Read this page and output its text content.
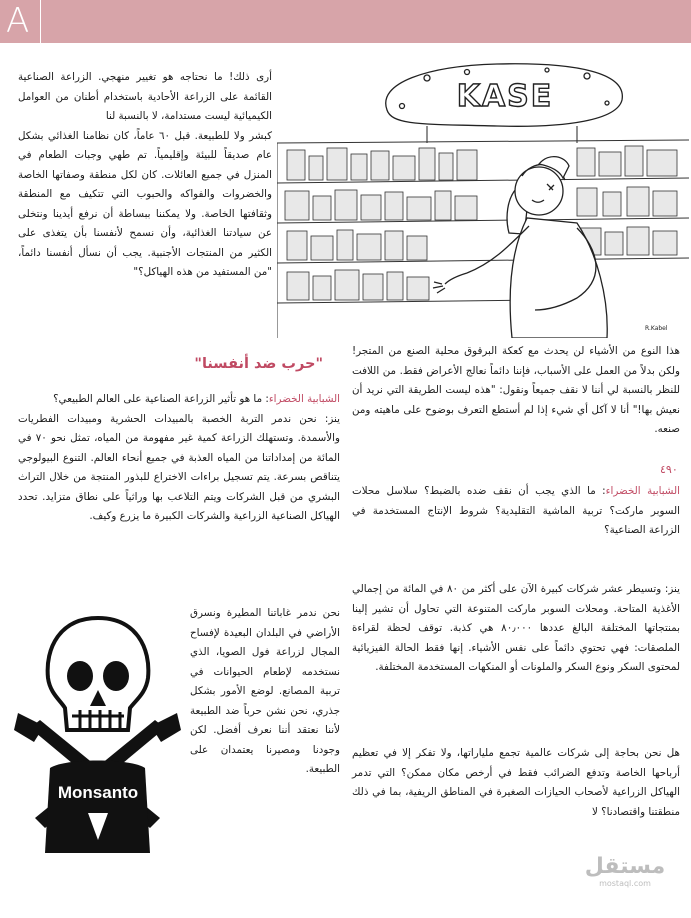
A
KASE
R.Kabel

أرى ذلك! ما نحتاجه هو تغيير منهجي. الزراعة الصناعية القائمة على الزراعة الأحادية باستخدام أطنان من العوامل الكيميائية ليست مستدامة، لا بالنسبة لنا

كبشر ولا للطبيعة. قبل ٦٠ عاماً، كان نظامنا الغذائي بشكل عام صديقاً للبيئة وإقليمياً. تم طهي وجبات الطعام في المنزل في جميع العائلات. كان لكل منطقة وصفاتها الخاصة والخضروات والفواكه والحبوب التي تتكيف مع المنطقة وثقافتها الخاصة. ولا يمكننا ببساطة أن نرفع أيدينا ونتخلى عن سيادتنا الغذائية، وأن نسمح لأنفسنا بأن يتغذى على الكثير من المنتجات الأجنبية. يجب أن نسأل أنفسنا دائماً، "من المستفيد من هذه الهياكل؟"

"حرب ضد أنفسنا"

الشبابية الخضراء: ما هو تأثير الزراعة الصناعية على العالم الطبيعي؟

ينز: نحن ندمر التربة الخصبة بالمبيدات الحشرية ومبيدات الفطريات والأسمدة. وتستهلك الزراعة كمية غير مفهومة من المياه، تمثل نحو ٧٠ في المائة من إمداداتنا من المياه العذبة في جميع أنحاء العالم. التنوع البيولوجي يتناقص بسرعة. يتم تسجيل براءات الاختراع للبذور المنتجة من خلال التراث البشري من قبل الشركات ويتم التلاعب بها وراثياً على نطاق متزايد. تحدد الهياكل الصناعية الزراعية والشركات الكبيرة ما يزرع وكيف.

نحن ندمر غاباتنا المطيرة ونسرق الأراضي في البلدان البعيدة لإفساح المجال لزراعة فول الصويا، الذي نستخدمه لإطعام الحيوانات في تربية المصانع. لوضع الأمور بشكل جذري، نحن نشن حرباً ضد الطبيعة لأننا نعتقد أننا نعرف أفضل. لكن وجودنا ومصيرنا يعتمدان على الطبيعة.

Monsanto

هذا النوع من الأشياء لن يحدث مع كعكة البرقوق محلية الصنع من المتجر! ولكن بدلاً من العمل على الأسباب، فإننا دائماً نعالج الأعراض فقط. من اللافت للنظر بالنسبة لي أننا لا نقف جميعاً ونقول: "هذه ليست الطريقة التي نريد أن نعيش بها!" أنا لا آكل أي شيء إذا لم أستطع التعرف بوضوح على ماهيته ومن صنعه.

٤٩٠

الشبابية الخضراء: ما الذي يجب أن نقف ضده بالضبط؟ سلاسل محلات السوبر ماركت؟ تربية الماشية التقليدية؟ شروط الإنتاج المستخدمة في الزراعة الصناعية؟

ينز: وتسيطر عشر شركات كبيرة الآن على أكثر من ٨٠ في المائة من إجمالي الأغذية المتاحة. ومحلات السوبر ماركت المتنوعة التي تحاول أن تشير إلينا بمنتجاتها المختلفة البالغ عددها ٨٠٫٠٠٠ هي كذبة. توقف لحظة لقراءة الملصقات: فهي تحتوي دائماً على نفس الأشياء. إنها فقط الحالة الفيزيائية لمحتوى السكر ونوع السكر والملونات أو المنكهات المستخدمة المختلفة.

هل نحن بحاجة إلى شركات عالمية تجمع ملياراتها، ولا تفكر إلا في تعظيم أرباحها الخاصة وتدفع الضرائب فقط في أرخص مكان ممكن؟ التي تدمر الهياكل الزراعية لأصحاب الحيازات الصغيرة في المناطق الريفية، بما في ذلك منطقتنا واقتصادنا؟ لا

مستقل
mostaql.com
